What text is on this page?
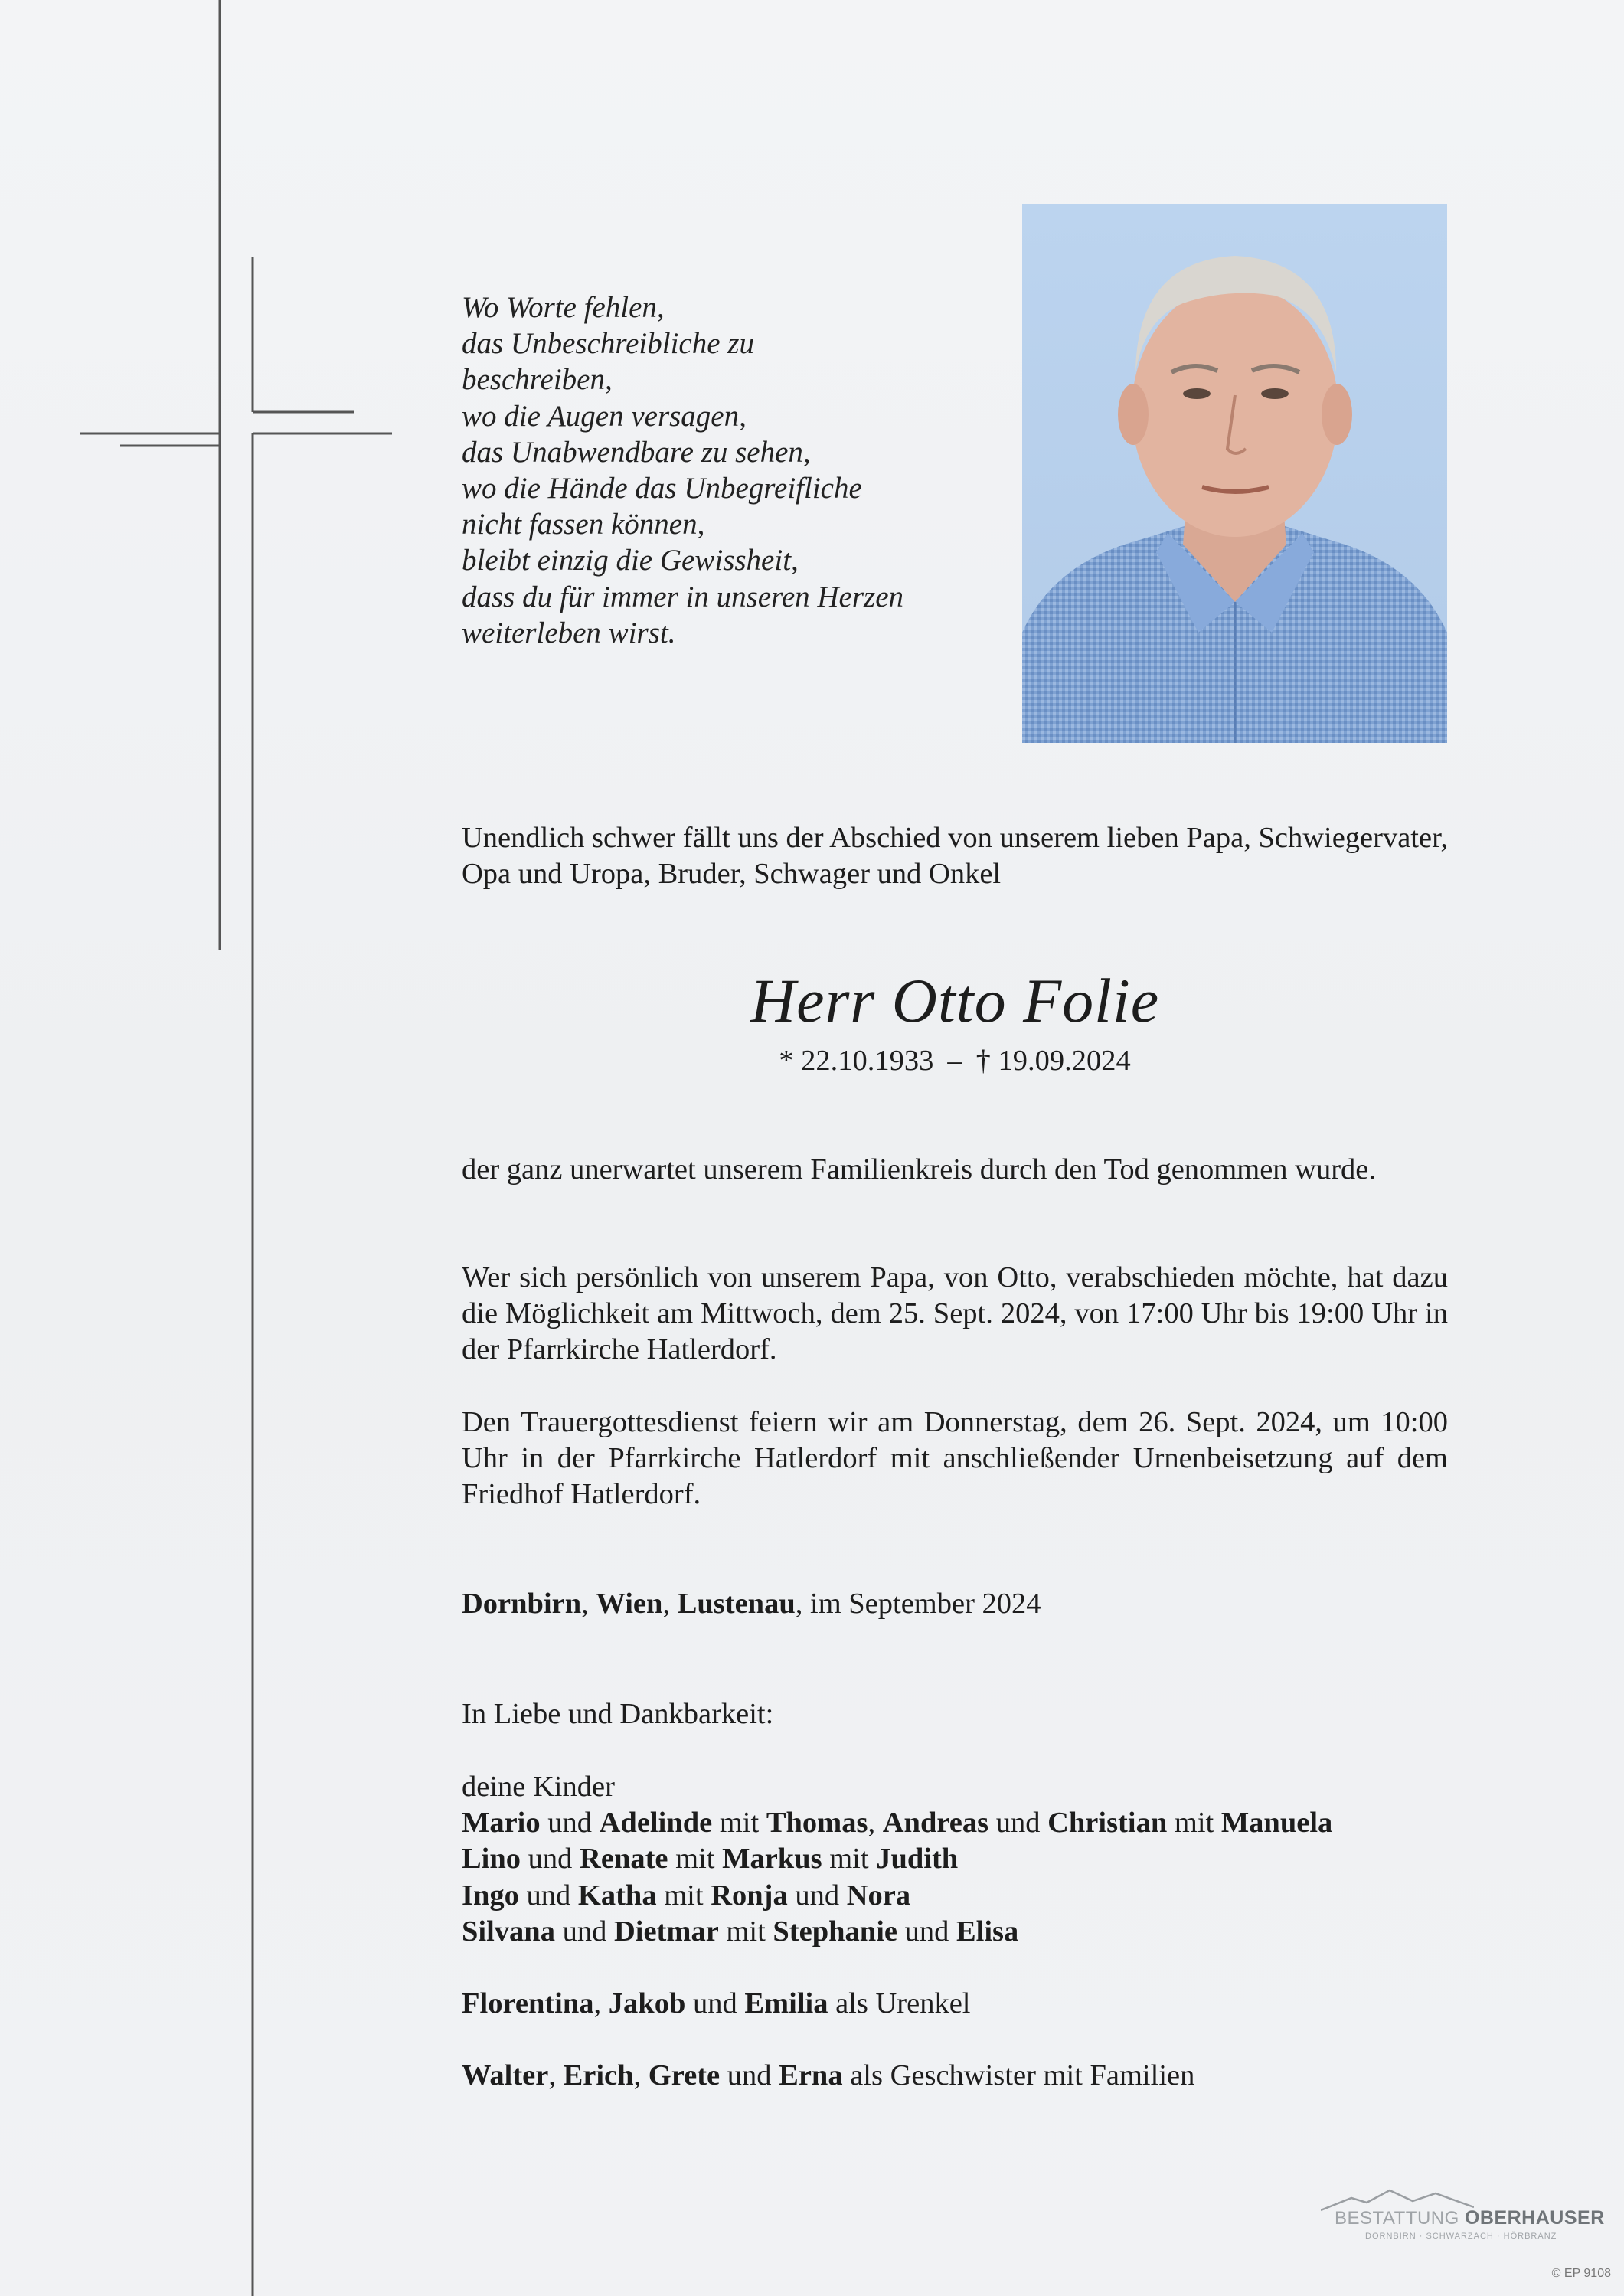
Wo Worte fehlen,
das Unbeschreibliche zu
beschreiben,
wo die Augen versagen,
das Unabwendbare zu sehen,
wo die Hände das Unbegreifliche
nicht fassen können,
bleibt einzig die Gewissheit,
dass du für immer in unseren Herzen
weiterleben wirst.
Unendlich schwer fällt uns der Abschied von unserem lieben Papa, Schwiegervater, Opa und Uropa, Bruder, Schwager und Onkel
Herr Otto Folie
* 22.10.1933 – † 19.09.2024
der ganz unerwartet unserem Familienkreis durch den Tod genommen wurde.
Wer sich persönlich von unserem Papa, von Otto, verabschieden möchte, hat dazu die Möglichkeit am Mittwoch, dem 25. Sept. 2024, von 17:00 Uhr bis 19:00 Uhr in der Pfarrkirche Hatlerdorf.
Den Trauergottesdienst feiern wir am Donnerstag, dem 26. Sept. 2024, um 10:00 Uhr in der Pfarrkirche Hatlerdorf mit anschließender Urnenbeisetzung auf dem Friedhof Hatlerdorf.
Dornbirn, Wien, Lustenau, im September 2024
In Liebe und Dankbarkeit:
deine Kinder
Mario und Adelinde mit Thomas, Andreas und Christian mit Manuela
Lino und Renate mit Markus mit Judith
Ingo und Katha mit Ronja und Nora
Silvana und Dietmar mit Stephanie und Elisa
Florentina, Jakob und Emilia als Urenkel
Walter, Erich, Grete und Erna als Geschwister mit Familien
BESTATTUNG OBERHAUSER
DORNBIRN · SCHWARZACH · HÖRBRANZ
© EP 9108
